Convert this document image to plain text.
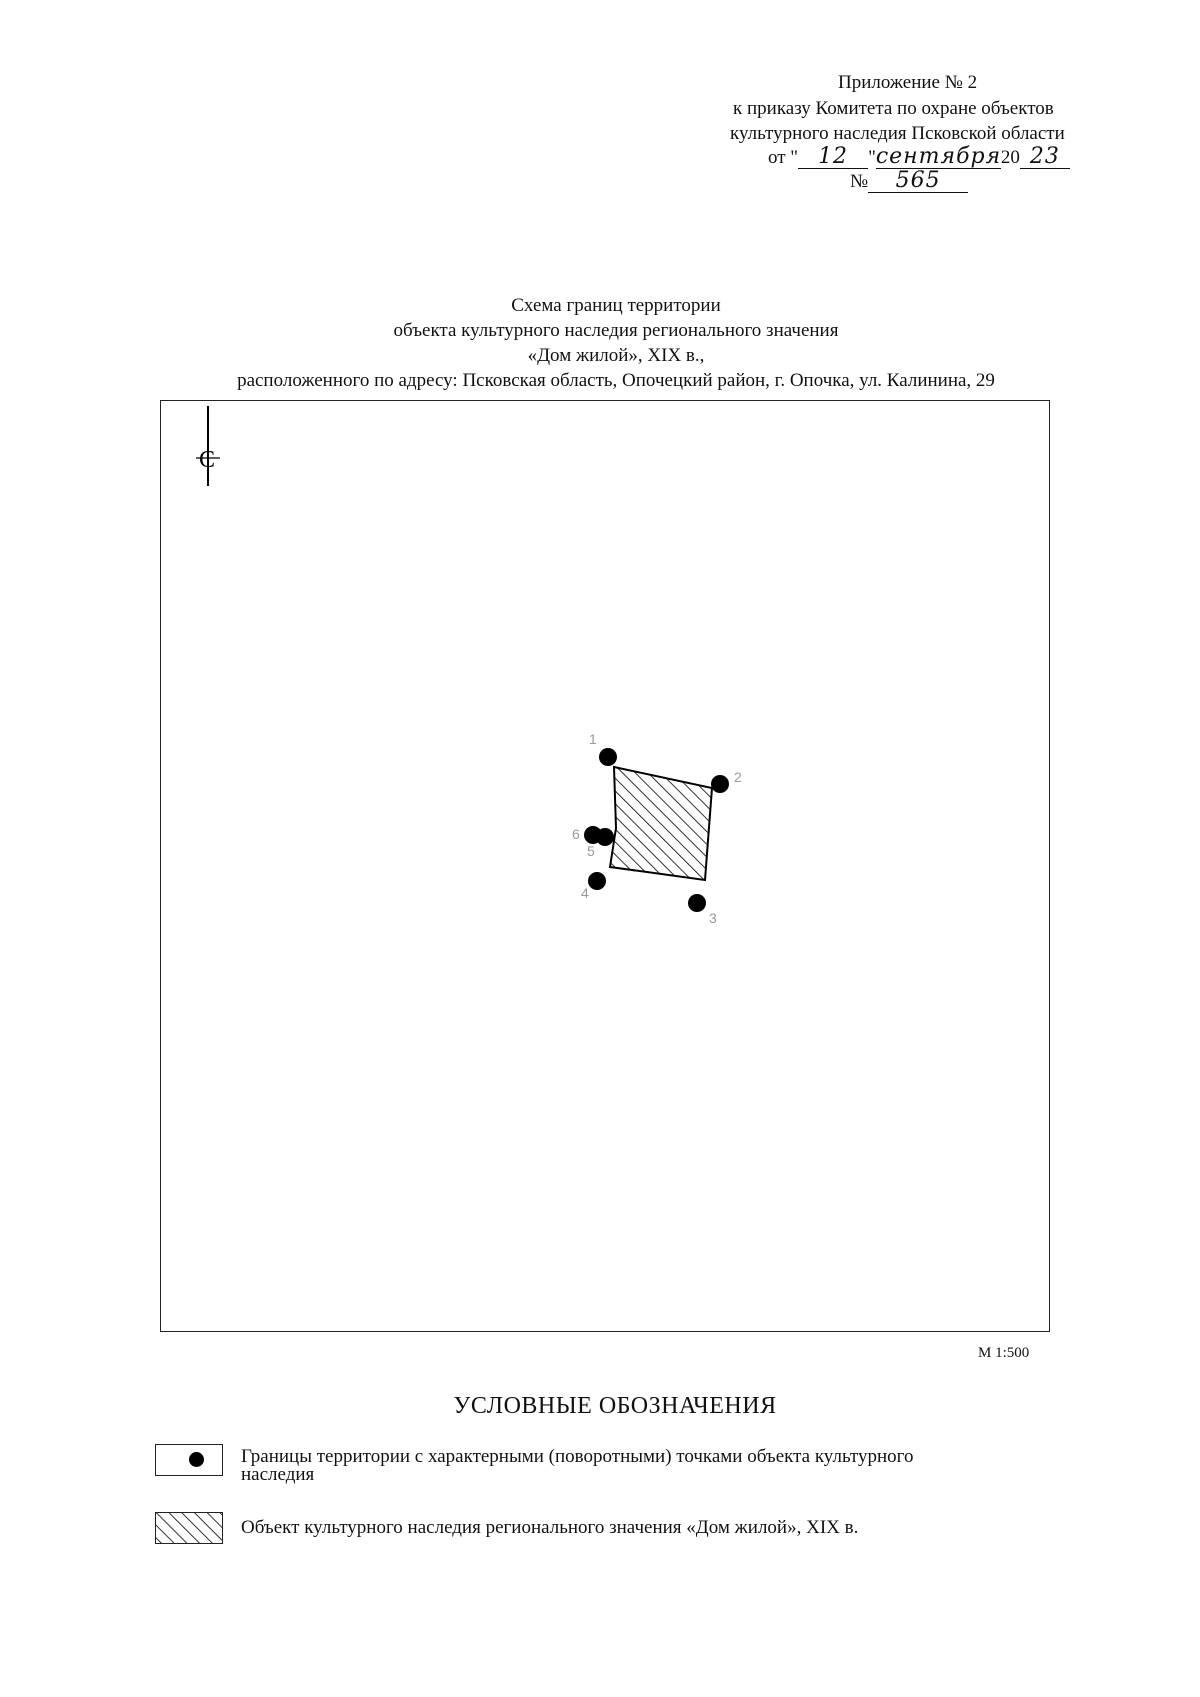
Приложение № 2
к приказу Комитета по охране объектов
культурного наследия Псковской области
от " 12	" сентября 20 23
№	565
Схема границ территории
объекта культурного наследия регионального значения
«Дом жилой», XIX в.,
расположенного по адресу: Псковская область, Опочецкий район, г. Опочка, ул. Калинина, 29
С
1
2
3
4
5
6
М 1:500
УСЛОВНЫЕ ОБОЗНАЧЕНИЯ
Границы территории с характерными (поворотными) точками объекта культурного
наследия
Объект культурного наследия регионального значения «Дом жилой», XIX в.
